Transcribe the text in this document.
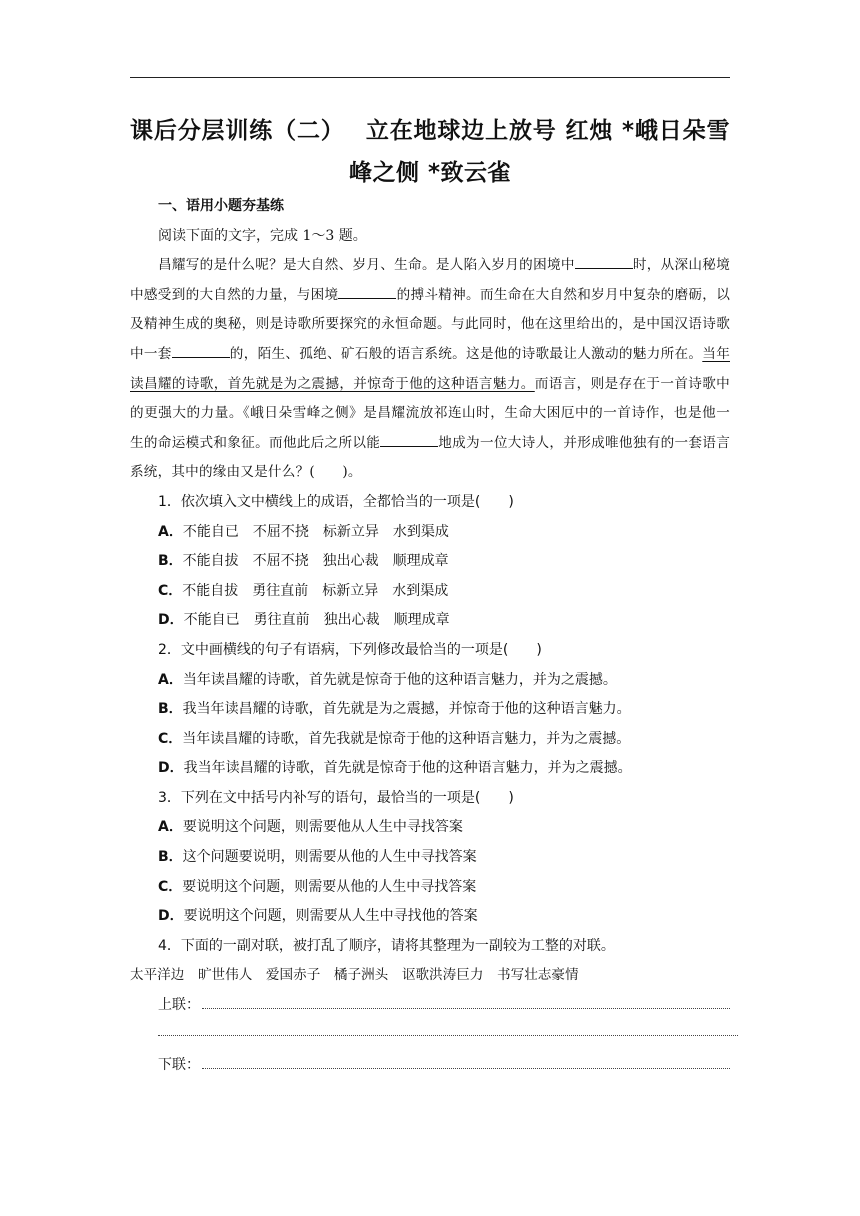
课后分层训练（二）　 立在地球边上放号 红烛 *峨日朵雪峰之侧 *致云雀
一、语用小题夯基练
阅读下面的文字，完成 1～3 题。
昌耀写的是什么呢？是大自然、岁月、生命。是人陷入岁月的困境中	时，从深山秘境中感受到的大自然的力量，与困境	的搏斗精神。而生命在大自然和岁月中复杂的磨砺，以及精神生成的奥秘，则是诗歌所要探究的永恒命题。与此同时，他在这里给出的，是中国汉语诗歌中一套	的，陌生、孤绝、矿石般的语言系统。这是他的诗歌最让人激动的魅力所在。当年读昌耀的诗歌，首先就是为之震撼，并惊奇于他的这种语言魅力。而语言，则是存在于一首诗歌中的更强大的力量。《峨日朵雪峰之侧》是昌耀流放祁连山时，生命大困厄中的一首诗作，也是他一生的命运模式和象征。而他此后之所以能	地成为一位大诗人，并形成唯他独有的一套语言系统，其中的缘由又是什么？(　　)。
1．依次填入文中横线上的成语，全都恰当的一项是(　　)
A．不能自已　不屈不挠　标新立异　水到渠成
B．不能自拔　不屈不挠　独出心裁　顺理成章
C．不能自拔　勇往直前　标新立异　水到渠成
D．不能自已　勇往直前　独出心裁　顺理成章
2．文中画横线的句子有语病，下列修改最恰当的一项是(　　)
A．当年读昌耀的诗歌，首先就是惊奇于他的这种语言魅力，并为之震撼。
B．我当年读昌耀的诗歌，首先就是为之震撼，并惊奇于他的这种语言魅力。
C．当年读昌耀的诗歌，首先我就是惊奇于他的这种语言魅力，并为之震撼。
D．我当年读昌耀的诗歌，首先就是惊奇于他的这种语言魅力，并为之震撼。
3．下列在文中括号内补写的语句，最恰当的一项是(　　)
A．要说明这个问题，则需要他从人生中寻找答案
B．这个问题要说明，则需要从他的人生中寻找答案
C．要说明这个问题，则需要从他的人生中寻找答案
D．要说明这个问题，则需要从人生中寻找他的答案
4．下面的一副对联，被打乱了顺序，请将其整理为一副较为工整的对联。
太平洋边　旷世伟人　爱国赤子　橘子洲头　讴歌洪涛巨力　书写壮志豪情
上联：
下联：
